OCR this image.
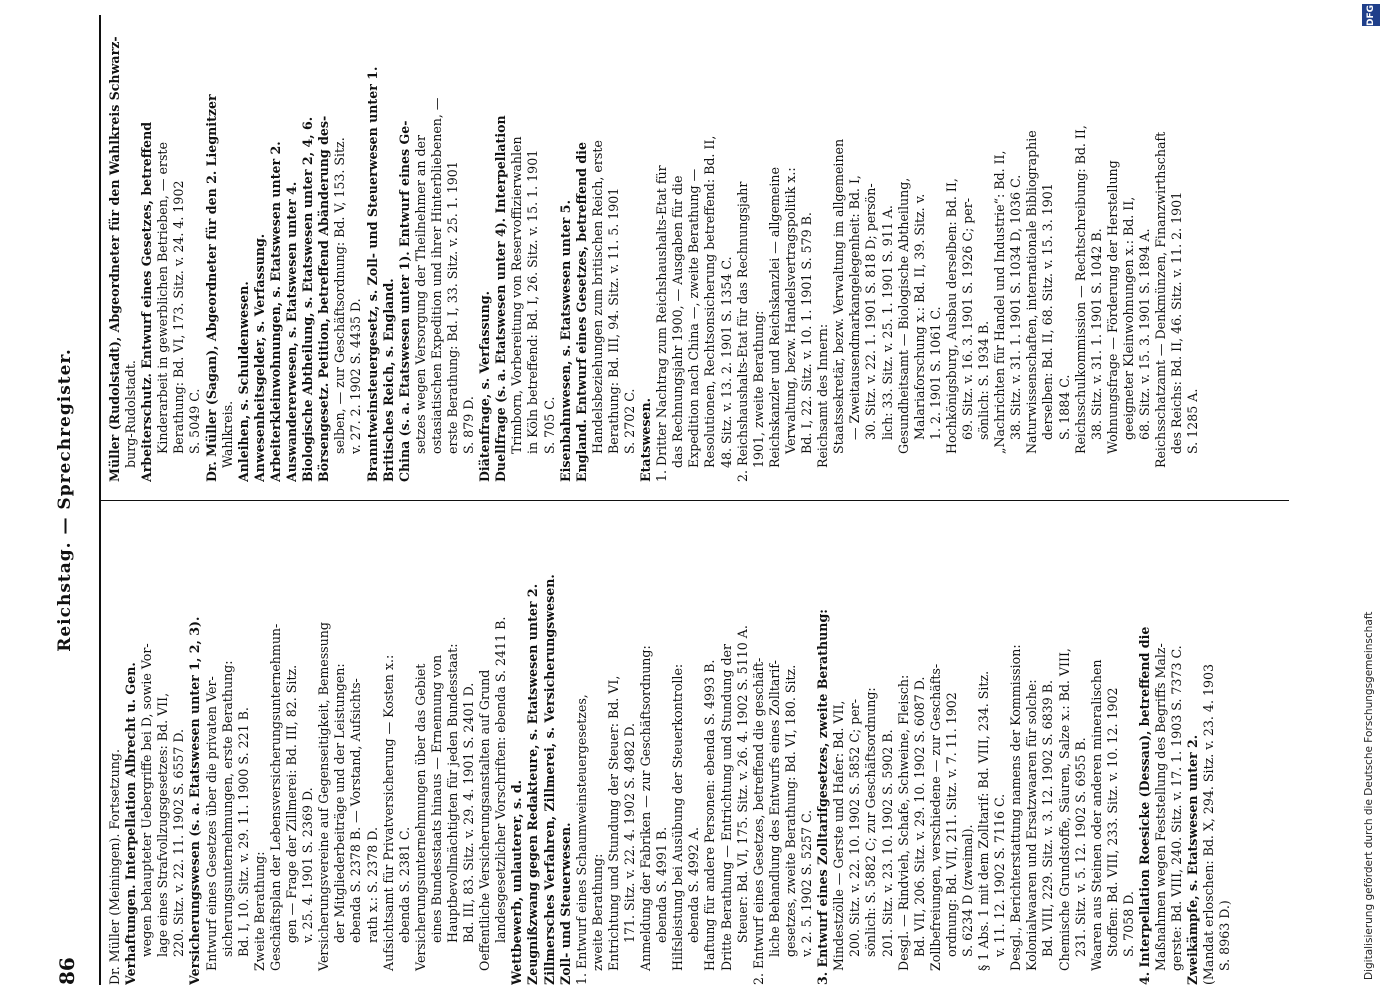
86
Reichstag. — Sprechregister.
Dr. Müller (Meiningen). Fortsetzung. Verhaftungen. Interpellation Albrecht u. Gen. wegen behaupteter Uebergriffe bei D, sowie Vor- lage eines Strafvollzugsgesetzes: Bd. VII, 220. Sitz. v. 22. 11. 1902 S. 6557 D. Versicherungswesen (s. a. Etatswesen unter 1, 2, 3). Entwurf eines Gesetzes über die privaten Ver- sicherungsunternehmungen, erste Berathung: Bd. I, 10. Sitz. v. 29. 11. 1900 S. 221 B. Zweite Berathung: Geschäftsplan der Lebensversicherungsunternehmun- gen — Frage der Zillmerei: Bd. III, 82. Sitz. v. 25. 4. 1901 S. 2369 D. Versicherungsvereine auf Gegenseitigkeit, Bemessung der Mitgliederbeiträge und der Leistungen: ebenda S. 2378 B. — Vorstand, Aufsichts- rath x.: S. 2378 D. Aufsichtsamt für Privatversicherung — Kosten x.: ebenda S. 2381 C. Versicherungsunternehmungen über das Gebiet eines Bundesstaats hinaus — Ernennung von Hauptbevollmächtigten für jeden Bundesstaat: Bd. III, 83. Sitz. v. 29. 4. 1901 S. 2401 D. Oeffentliche Versicherungsanstalten auf Grund landesgesetzlicher Vorschriften: ebenda S. 2411 B. Wettbewerb, unlauterer, s. d. Zeugnißzwang gegen Redakteure, s. Etatswesen unter 2. Zillmersches Verfahren, Zillmerei, s. Versicherungswesen. Zoll- und Steuerwesen. 1. Entwurf eines Schaumweinsteuergesetzes, zweite Berathung: Entrichtung und Stundung der Steuer: Bd. VI, 171. Sitz. v. 22. 4. 1902 S. 4982 D. Anmeldung der Fabriken — zur Geschäftsordnung: ebenda S. 4991 B. Hilfsleistung bei Ausübung der Steuerkontrolle: ebenda S. 4992 A. Haftung für andere Personen: ebenda S. 4993 B. Dritte Berathung — Entrichtung und Stundung der Steuer: Bd. VI, 175. Sitz. v. 26. 4. 1902 S. 5110 A. 2. Entwurf eines Gesetzes, betreffend die geschäft- liche Behandlung des Entwurfs eines Zolltarif- gesetzes, zweite Berathung: Bd. VI, 180. Sitz. v. 2. 5. 1902 S. 5257 C. 3. Entwurf eines Zolltarifgesetzes, zweite Berathung: Mindestzölle — Gerste und Hafer: Bd. VII, 200. Sitz. v. 22. 10. 1902 S. 5852 C; per- sönlich: S. 5882 C; zur Geschäftsordnung: 201. Sitz. v. 23. 10. 1902 S. 5902 B. Desgl. — Rindvieh, Schafe, Schweine, Fleisch: Bd. VII, 206. Sitz. v. 29. 10. 1902 S. 6087 D. Zollbefreiungen, verschiedene — zur Geschäfts- ordnung: Bd. VII, 211. Sitz. v. 7. 11. 1902 S. 6234 D (zweimal). § 1 Abs. 1 mit dem Zolltarif: Bd. VIII, 234. Sitz. v. 11. 12. 1902 S. 7116 C. Desgl., Berichterstattung namens der Kommission: Kolonialwaaren und Ersatzwaaren für solche: Bd. VIII, 229. Sitz. v. 3. 12. 1902 S. 6839 B. Chemische Grundstoffe, Säuren, Salze x.: Bd. VIII, 231. Sitz. v. 5. 12. 1902 S. 6955 B. Waaren aus Steinen oder anderen mineralischen Stoffen: Bd. VIII, 233. Sitz. v. 10. 12. 1902 S. 7058 D. 4. Interpellation Roesicke (Dessau), betreffend die Maßnahmen wegen Feststellung des Begriffs Malz- gerste: Bd. VIII, 240. Sitz. v. 17. 1. 1903 S. 7373 C. Zweikämpfe, s. Etatswesen unter 2. (Mandat erloschen: Bd. X, 294. Sitz. v. 23. 4. 1903 S. 8963 D.)
Müller (Rudolstadt), Abgeordneter für den Wahlkreis Schwarz- burg-Rudolstadt. Arbeiterschutz. Entwurf eines Gesetzes, betreffend Kinderarbeit in gewerblichen Betrieben, — erste Berathung: Bd. VI, 173. Sitz. v. 24. 4. 1902 S. 5049 C. Dr. Müller (Sagan), Abgeordneter für den 2. Liegnitzer Wahlkreis. Anleihen, s. Schuldenwesen. Anwesenheitsgelder, s. Verfassung. Arbeiterkleinwohnungen, s. Etatswesen unter 2. Auswandererwesen, s. Etatswesen unter 4. Biologische Abtheilung, s. Etatswesen unter 2, 4, 6. Börsengesetz. Petition, betreffend Abänderung des- selben, — zur Geschäftsordnung: Bd. V, 153. Sitz. v. 27. 2. 1902 S. 4435 D. Branntweinsteuergesetz, s. Zoll- und Steuerwesen unter 1. Britisches Reich, s. England. China (s. a. Etatswesen unter 1). Entwurf eines Ge- setzes wegen Versorgung der Theilnehmer an der ostasiatischen Expedition und ihrer Hinterbliebenen, — erste Berathung: Bd. I, 33. Sitz. v. 25. 1. 1901 S. 879 D. Diätenfrage, s. Verfassung. Duellfrage (s. a. Etatswesen unter 4). Interpellation Trimborn, Vorbereitung von Reservoffizierwahlen in Köln betreffend: Bd. I, 26. Sitz. v. 15. 1. 1901 S. 705 C. Eisenbahnwesen, s. Etatswesen unter 5. England. Entwurf eines Gesetzes, betreffend die Handelsbeziehungen zum britischen Reich, erste Berathung: Bd. III, 94. Sitz. v. 11. 5. 1901 S. 2702 C. Etatswesen. 1. Dritter Nachtrag zum Reichshaushalts-Etat für das Rechnungsjahr 1900, — Ausgaben für die Expedition nach China —, zweite Berathung — Resolutionen, Rechtsonsicherung betreffend: Bd. II, 48. Sitz. v. 13. 2. 1901 S. 1354 C. 2. Reichshaushalts-Etat für das Rechnungsjahr 1901, zweite Berathung: Reichskanzler und Reichskanzlei — allgemeine Verwaltung, bezw. Handelsvertragspolitik x.: Bd. I, 22. Sitz. v. 10. 1. 1901 S. 579 B. Reichsamt des Innern: Staatssekretär, bezw. Verwaltung im allgemeinen — Zweitausendmarkangelegenheit: Bd. I, 30. Sitz. v. 22. 1. 1901 S. 818 D; persön- lich: 33. Sitz. v. 25. 1. 1901 S. 911 A. Gesundheitsamt — Biologische Abtheilung, Malariaforschung x.: Bd. II, 39. Sitz. v. 1. 2. 1901 S. 1061 C. Hochkönigsburg, Ausbau derselben: Bd. II, 69. Sitz. v. 16. 3. 1901 S. 1926 C; per- sönlich: S. 1934 B. „Nachrichten für Handel und Industrie“: Bd. II, 38. Sitz. v. 31. 1. 1901 S. 1034 D, 1036 C. Naturwissenschaften, internationale Bibliographie derselben: Bd. II, 68. Sitz. v. 15. 3. 1901 S. 1884 C. Reichsschulkommission — Rechtschreibung: Bd. II, 38. Sitz. v. 31. 1. 1901 S. 1042 B. Wohnungsfrage — Förderung der Herstellung geeigneter Kleinwohnungen x.: Bd. II, 68. Sitz. v. 15. 3. 1901 S. 1894 A. Reichsschatzamt — Denkmünzen, Finanzwirthschaft des Reichs: Bd. II, 46. Sitz. v. 11. 2. 1901 S. 1285 A.
DFG
Digitalisierung gefördert durch die Deutsche Forschungsgemeinschaft
